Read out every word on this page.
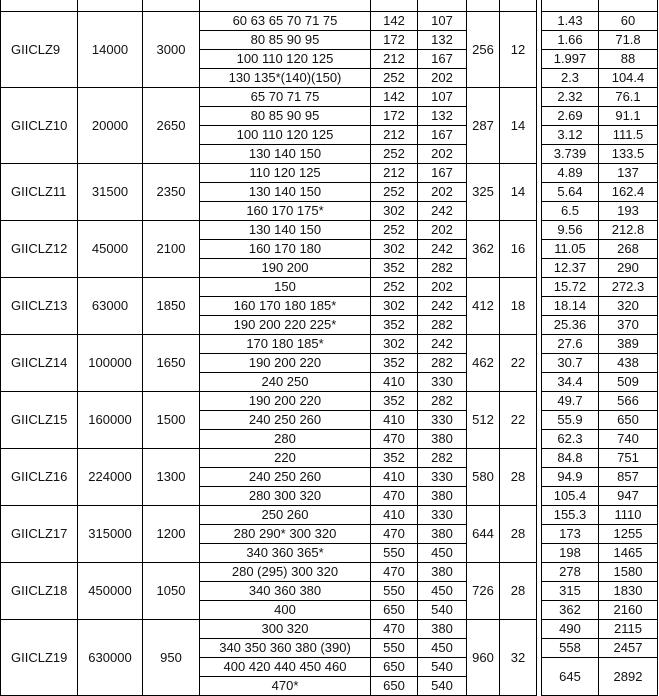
GIICLZ9	14000	3000	60 63 65 70 71 75	142	107	256	12		1.43	60
			80 85 90 95	172	132				1.66	71.8
			100 110 120 125	212	167				1.997	88
			130 135*(140)(150)	252	202				2.3	104.4
GIICLZ10	20000	2650	65 70 71 75	142	107	287	14		2.32	76.1
			80 85 90 95	172	132				2.69	91.1
			100 110 120 125	212	167				3.12	111.5
			130 140 150	252	202				3.739	133.5
GIICLZ11	31500	2350	110 120 125	212	167	325	14		4.89	137
			130 140 150	252	202				5.64	162.4
			160 170 175*	302	242				6.5	193
GIICLZ12	45000	2100	130 140 150	252	202	362	16		9.56	212.8
			160 170 180	302	242				11.05	268
			190 200	352	282				12.37	290
GIICLZ13	63000	1850	150	252	202	412	18		15.72	272.3
			160 170 180 185*	302	242				18.14	320
			190 200 220 225*	352	282				25.36	370
GIICLZ14	100000	1650	170 180 185*	302	242	462	22		27.6	389
			190 200 220	352	282				30.7	438
			240 250	410	330				34.4	509
GIICLZ15	160000	1500	190 200 220	352	282	512	22		49.7	566
			240 250 260	410	330				55.9	650
			280	470	380				62.3	740
GIICLZ16	224000	1300	220	352	282	580	28		84.8	751
			240 250 260	410	330				94.9	857
			280 300 320	470	380				105.4	947
GIICLZ17	315000	1200	250 260	410	330	644	28		155.3	1110
			280 290* 300 320	470	380				173	1255
			340 360 365*	550	450				198	1465
GIICLZ18	450000	1050	280 (295) 300 320	470	380	726	28		278	1580
			340 360 380	550	450				315	1830
			400	650	540				362	2160
GIICLZ19	630000	950	300 320	470	380	960	32		490	2115
			340 350 360 380 (390)	550	450				558	2457
			400 420 440 450 460	650	540				645	2892
			470*	650	540					
